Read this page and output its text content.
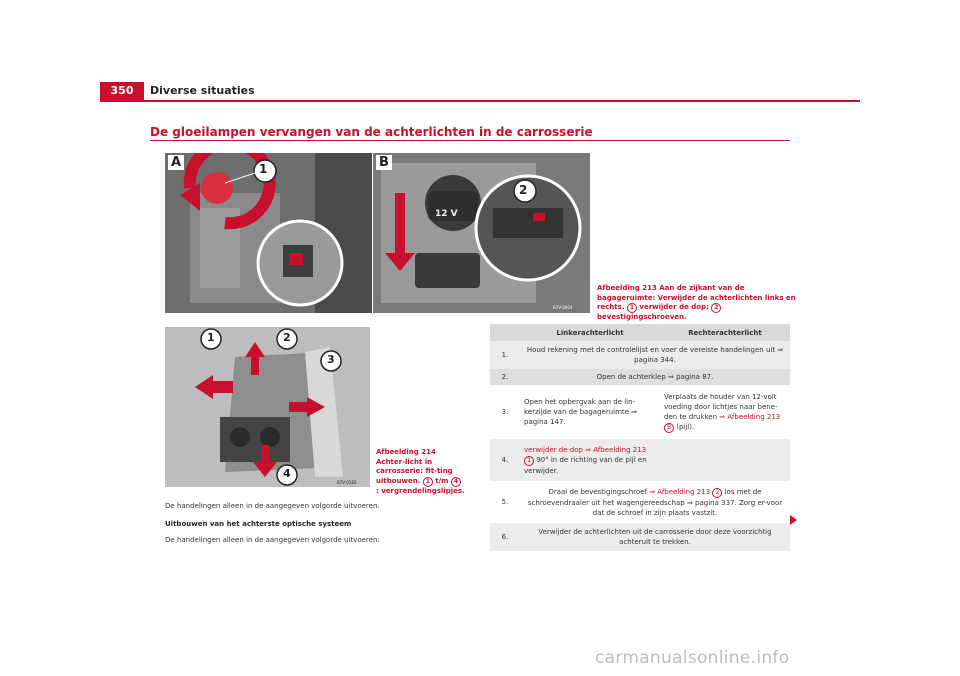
350	Diverse situaties
De gloeilampen vervangen van de achterlichten in de carrosserie
A	1	B
12 V
2
B7V-0604
Afbeelding 213 Aan de zijkant van de bagageruimte: Verwijder de achterlichten links en rechts. 1 verwijder de dop; 2 bevestigingschroeven.
1	2
3
4
B7V-0182
Afbeelding 214 Achter-licht in carrosserie: fit-ting uitbouwen. 1 t/m 4 : vergrendelingslipjes.
De handelingen alleen in de aangegeven volgorde uitvoeren.
Uitbouwen van het achterste optische systeem
De handelingen alleen in de aangegeven volgorde uitvoeren:
	Linkerachterlicht	Rechterachterlicht
1.	Houd rekening met de controlelijst en voer de vereiste handelingen uit ⇒ pagina 344.	
2.	Open de achterklep ⇒ pagina 87.	
3.	Open het opbergvak aan de lin-kerzijde van de bagageruimte ⇒ pagina 147.	Verplaats de houder van 12-volt voeding door lichtjes naar bene-den te drukken ⇒ Afbeelding 213 B (pijl).
4.	verwijder de dop ⇒ Afbeelding 213 1 90° in de richting van de pijl en verwijder.	
5.	Draai de bevestigingschroef ⇒ Afbeelding 213 2 los met de schroevendraaier uit het wagengereedschap ⇒ pagina 337. Zorg er-voor dat de schroef in zijn plaats vastzit.	
6.	Verwijder de achterlichten uit de carrosserie door deze voorzichtig achteruit te trekken.	
carmanualsonline.info
